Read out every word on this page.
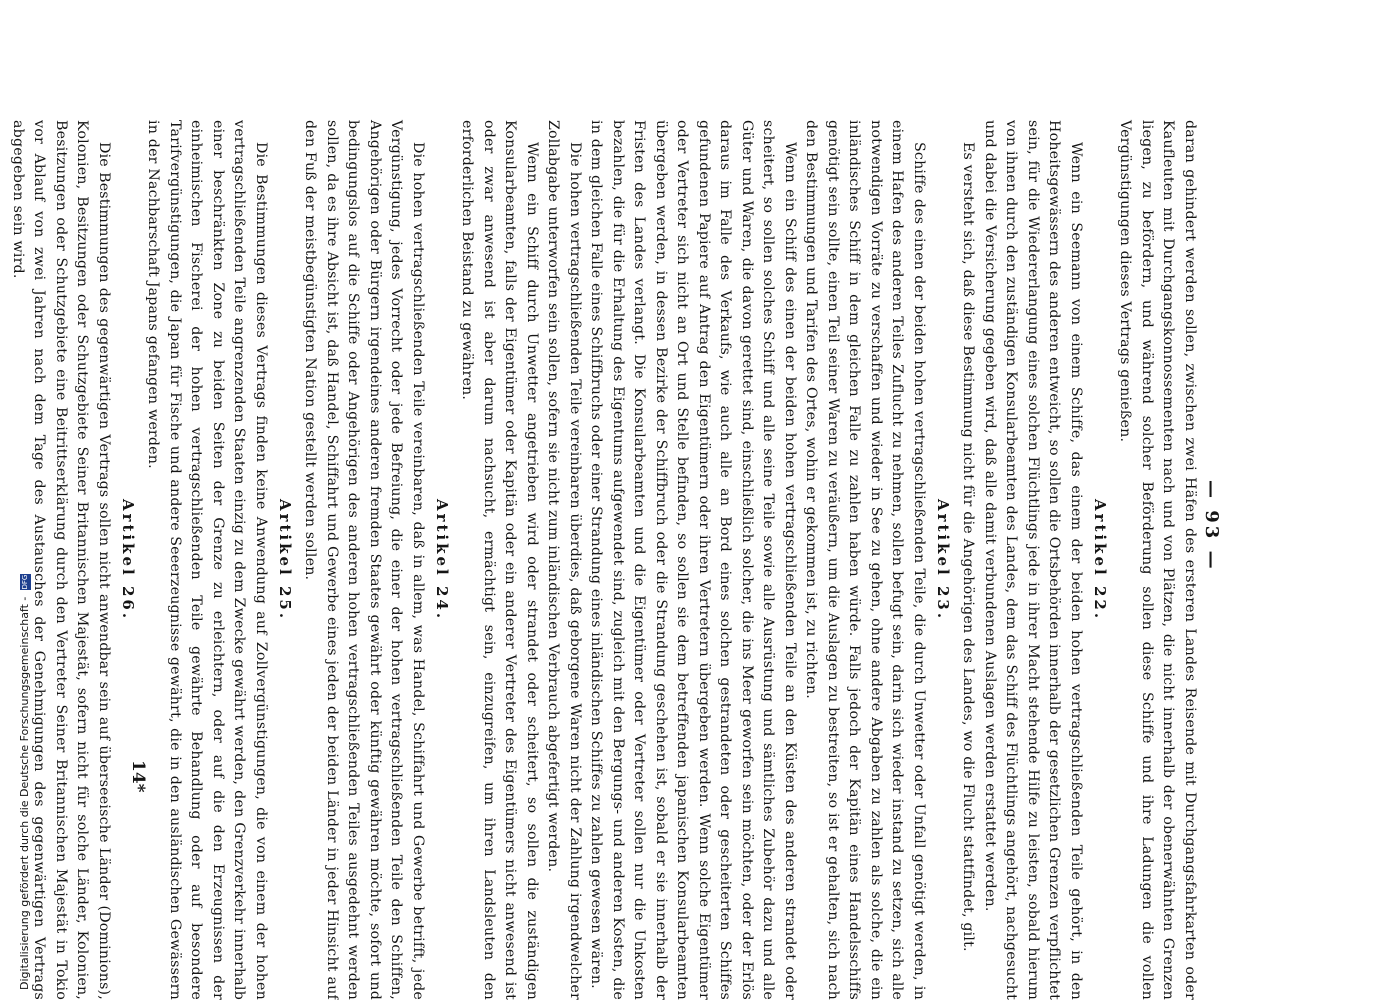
— 93 —

daran gehindert werden sollen, zwischen zwei Häfen des ersteren Landes Reisende mit Durchgangsfahrkarten oder Kaufleuten mit Durchgangskonnossementen nach und von Plätzen, die nicht innerhalb der obenerwähnten Grenzen liegen, zu befördern, und während solcher Beförderung sollen diese Schiffe und ihre Ladungen die vollen Vergünstigungen dieses Vertrags genießen.

Artikel 22.

Wenn ein Seemann von einem Schiffe, das einem der beiden hohen vertragschließenden Teile gehört, in den Hoheitsgewässern des anderen entweicht, so sollen die Ortsbehörden innerhalb der gesetzlichen Grenzen verpflichtet sein, für die Wiedererlangung eines solchen Flüchtlings jede in ihrer Macht stehende Hilfe zu leisten, sobald hierum von ihnen durch den zuständigen Konsularbeamten des Landes, dem das Schiff des Flüchtlings angehört, nachgesucht und dabei die Versicherung gegeben wird, daß alle damit verbundenen Auslagen werden erstattet werden.

Es versteht sich, daß diese Bestimmung nicht für die Angehörigen des Landes, wo die Flucht stattfindet, gilt.

Artikel 23.

Schiffe des einen der beiden hohen vertragschließenden Teile, die durch Unwetter oder Unfall genötigt werden, in einem Hafen des anderen Teiles Zuflucht zu nehmen, sollen befugt sein, darin sich wieder instand zu setzen, sich alle notwendigen Vorräte zu verschaffen und wieder in See zu gehen, ohne andere Abgaben zu zahlen als solche, die ein inländisches Schiff in dem gleichen Falle zu zahlen haben würde. Falls jedoch der Kapitän eines Handelsschiffs genötigt sein sollte, einen Teil seiner Waren zu veräußern, um die Auslagen zu bestreiten, so ist er gehalten, sich nach den Bestimmungen und Tarifen des Ortes, wohin er gekommen ist, zu richten.

Wenn ein Schiff des einen der beiden hohen vertragschließenden Teile an den Küsten des anderen strandet oder scheitert, so sollen solches Schiff und alle seine Teile sowie alle Ausrüstung und sämtliches Zubehör dazu und alle Güter und Waren, die davon gerettet sind, einschließlich solcher, die ins Meer geworfen sein möchten, oder der Erlös daraus im Falle des Verkaufs, wie auch alle an Bord eines solchen gestrandeten oder gescheiterten Schiffes gefundenen Papiere auf Antrag den Eigentümern oder ihren Vertretern übergeben werden. Wenn solche Eigentümer oder Vertreter sich nicht an Ort und Stelle befinden, so sollen sie dem betreffenden japanischen Konsularbeamten übergeben werden, in dessen Bezirke der Schiffbruch oder die Strandung geschehen ist, sobald er sie innerhalb der Fristen des Landes verlangt. Die Konsularbeamten und die Eigentümer oder Vertreter sollen nur die Unkosten bezahlen, die für die Erhaltung des Eigentums aufgewendet sind, zugleich mit den Bergungs- und anderen Kosten, die in dem gleichen Falle eines Schiffbruchs oder einer Strandung eines inländischen Schiffes zu zahlen gewesen wären.

Die hohen vertragschließenden Teile vereinbaren überdies, daß geborgene Waren nicht der Zahlung irgendwelcher Zollabgabe unterworfen sein sollen, sofern sie nicht zum inländischen Verbrauch abgefertigt werden.

Wenn ein Schiff durch Unwetter angetrieben wird oder strandet oder scheitert, so sollen die zuständigen Konsularbeamten, falls der Eigentümer oder Kapitän oder ein anderer Vertreter des Eigentümers nicht anwesend ist oder zwar anwesend ist aber darum nachsucht, ermächtigt sein, einzugreifen, um ihren Landsleuten den erforderlichen Beistand zu gewähren.

Artikel 24.

Die hohen vertragschließenden Teile vereinbaren, daß in allem, was Handel, Schiffahrt und Gewerbe betrifft, jede Vergünstigung, jedes Vorrecht oder jede Befreiung, die einer der hohen vertragschließenden Teile den Schiffen, Angehörigen oder Bürgern irgendeines anderen fremden Staates gewährt oder künftig gewähren möchte, sofort und bedingungslos auf die Schiffe oder Angehörigen des anderen hohen vertragschließenden Teiles ausgedehnt werden sollen, da es ihre Absicht ist, daß Handel, Schiffahrt und Gewerbe eines jeden der beiden Länder in jeder Hinsicht auf den Fuß der meistbegünstigten Nation gestellt werden sollen.

Artikel 25.

Die Bestimmungen dieses Vertrags finden keine Anwendung auf Zollvergünstigungen, die von einem der hohen vertragschließenden Teile angrenzenden Staaten einzig zu dem Zwecke gewährt werden, den Grenzverkehr innerhalb einer beschränkten Zone zu beiden Seiten der Grenze zu erleichtern, oder auf die den Erzeugnissen der einheimischen Fischerei der hohen vertragschließenden Teile gewährte Behandlung oder auf besondere Tarifvergünstigungen, die Japan für Fische und andere Seeerzeugnisse gewährt, die in den ausländischen Gewässern in der Nachbarschaft Japans gefangen werden.

Artikel 26.

Die Bestimmungen des gegenwärtigen Vertrags sollen nicht anwendbar sein auf überseeische Länder (Dominions), Kolonien, Besitzungen oder Schutzgebiete Seiner Britannischen Majestät, sofern nicht für solche Länder, Kolonien, Besitzungen oder Schutzgebiete eine Beitrittserklärung durch den Vertreter Seiner Britannischen Majestät in Tokio vor Ablauf von zwei Jahren nach dem Tage des Austausches der Genehmigungen des gegenwärtigen Vertrags abgegeben sein wird.

14*
Digitalisierung gefördert durch die Deutsche Forschungsgemeinschaft - DFG
